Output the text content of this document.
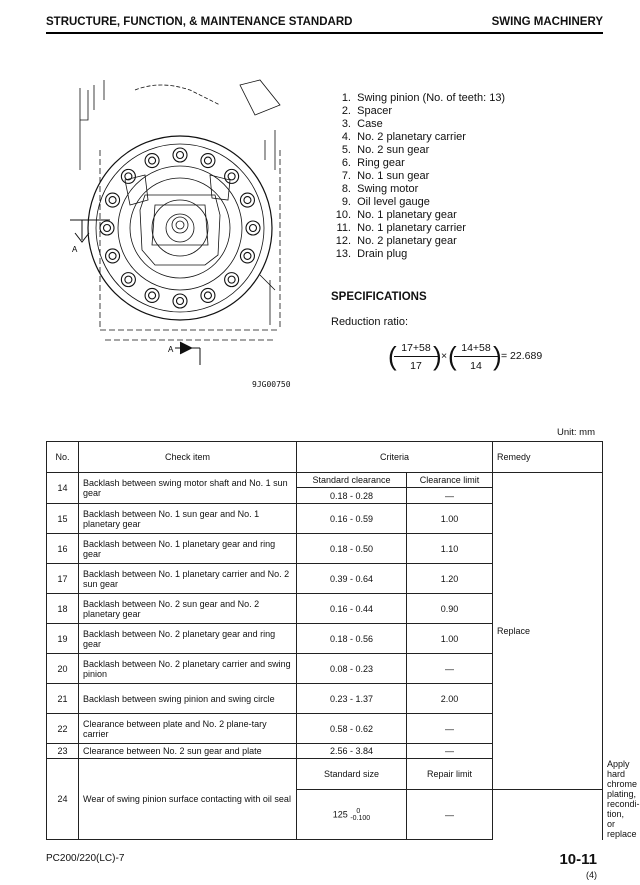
STRUCTURE, FUNCTION, & MAINTENANCE STANDARD	SWING MACHINERY
A
A
9JG00750
1. Swing pinion (No. of teeth: 13)
2. Spacer
3. Case
4. No. 2 planetary carrier
5. No. 2 sun gear
6. Ring gear
7. No. 1 sun gear
8. Swing motor
9. Oil level gauge
10. No. 1 planetary gear
11. No. 1 planetary carrier
12. No. 2 planetary gear
13. Drain plug
SPECIFICATIONS
Reduction ratio:
(
$\frac{17+58}{17}$
) × (
$\frac{14+58}{14}$
) = 22.689
Unit: mm
No.	Check item	Criteria		Remedy	
14	Backlash between swing motor shaft and No. 1 sun gear	Standard clearance	Clearance limit	Replace	
		0.18 - 0.28	—		
15	Backlash between No. 1 sun gear and No. 1 planetary gear	0.16 - 0.59	1.00		
16	Backlash between No. 1 planetary gear and ring gear	0.18 - 0.50	1.10		
17	Backlash between No. 1 planetary carrier and No. 2 sun gear	0.39 - 0.64	1.20		
18	Backlash between No. 2 sun gear and No. 2 planetary gear	0.16 - 0.44	0.90		
19	Backlash between No. 2 planetary gear and ring gear	0.18 - 0.56	1.00		
20	Backlash between No. 2 planetary carrier and swing pinion	0.08 - 0.23	—		
21	Backlash between swing pinion and swing circle	0.23 - 1.37	2.00		
22	Clearance between plate and No. 2 plane-tary carrier	0.58 - 0.62	—		
23	Clearance between No. 2 sun gear and plate	2.56 - 3.84	—		
24	Wear of swing pinion surface contacting with oil seal	Standard size	Repair limit		Apply hard chrome plating, recondi-tion, or replace
		125 0
-0.100	—		
PC200/220(LC)-7	10-11
(4)
